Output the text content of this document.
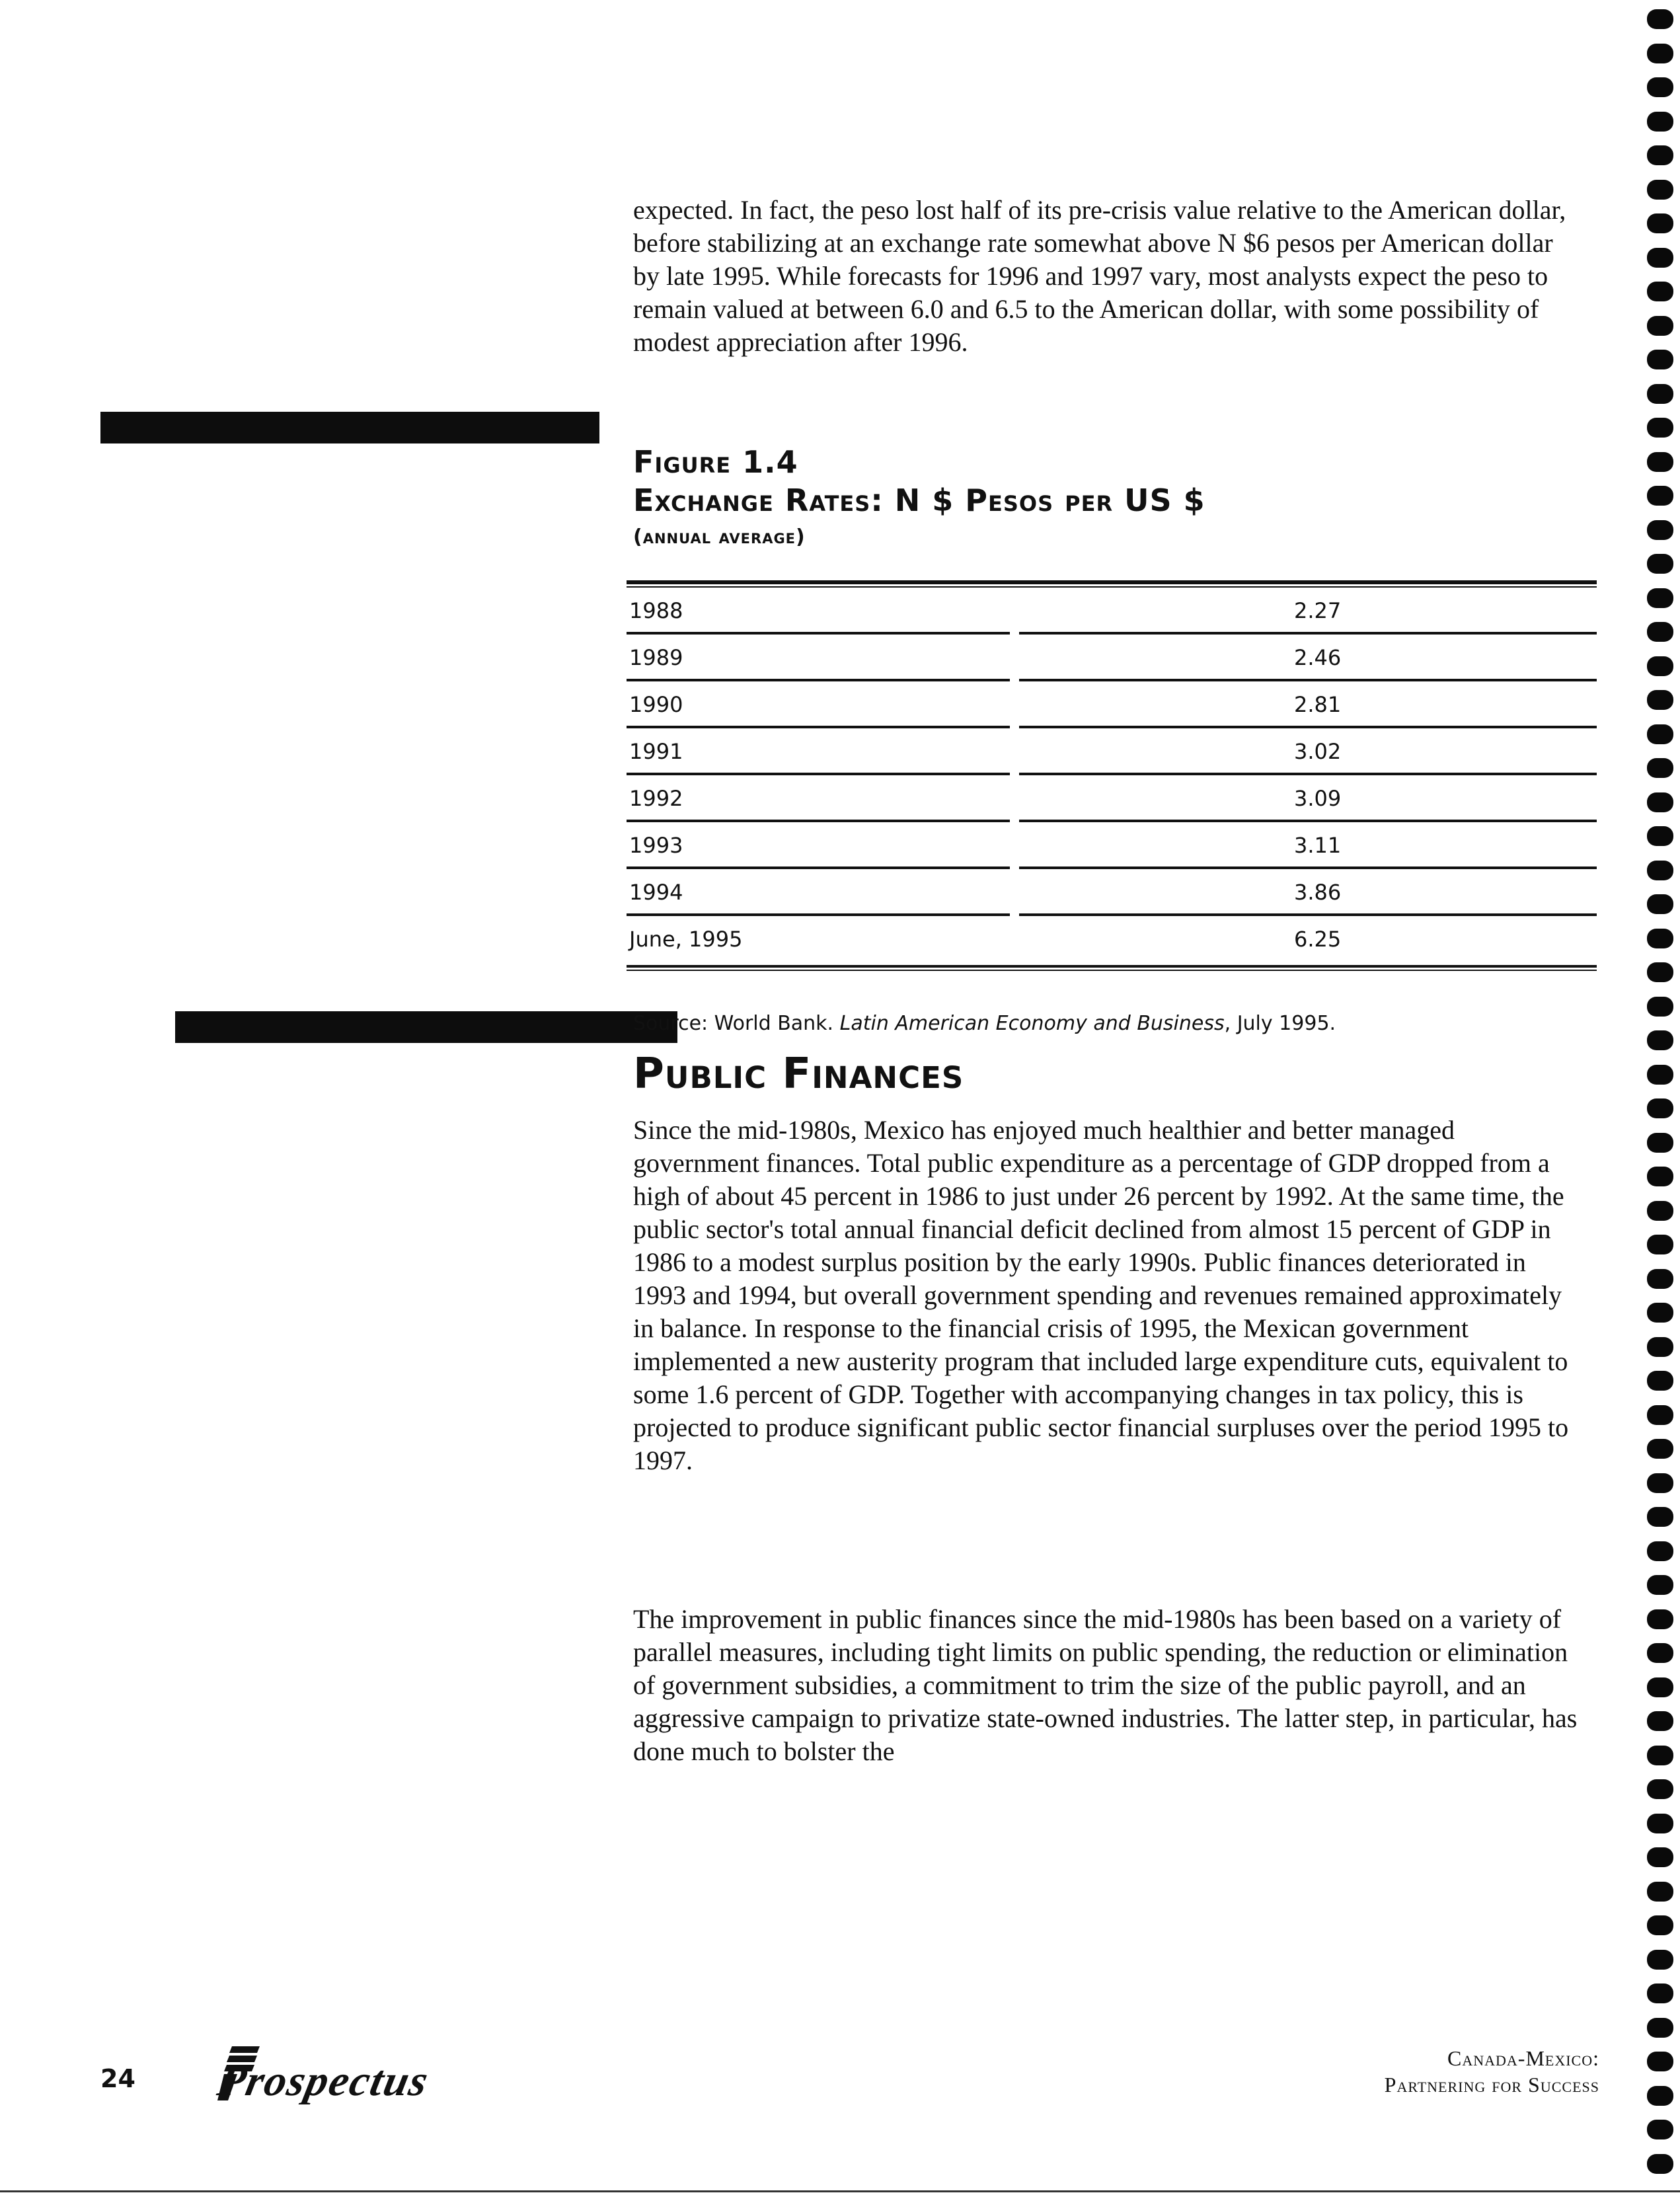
expected. In fact, the peso lost half of its pre-crisis value relative to the American dollar, before stabilizing at an exchange rate somewhat above N $6 pesos per American dollar by late 1995. While forecasts for 1996 and 1997 vary, most analysts expect the peso to remain valued at between 6.0 and 6.5 to the American dollar, with some possibility of modest appreciation after 1996.

Figure 1.4
Exchange Rates: N $ Pesos per US $
(annual average)
1988	2.27
1989	2.46
1990	2.81
1991	3.02
1992	3.09
1993	3.11
1994	3.86
June, 1995	6.25
Source: World Bank. Latin American Economy and Business, July 1995.
Public Finances

Since the mid-1980s, Mexico has enjoyed much healthier and better managed government finances. Total public expenditure as a percentage of GDP dropped from a high of about 45 percent in 1986 to just under 26 percent by 1992. At the same time, the public sector's total annual financial deficit declined from almost 15 percent of GDP in 1986 to a modest surplus position by the early 1990s. Public finances deteriorated in 1993 and 1994, but overall government spending and revenues remained approximately in balance. In response to the financial crisis of 1995, the Mexican government implemented a new austerity program that included large expenditure cuts, equivalent to some 1.6 percent of GDP. Together with accompanying changes in tax policy, this is projected to produce significant public sector financial surpluses over the period 1995 to 1997.

The improvement in public finances since the mid-1980s has been based on a variety of parallel measures, including tight limits on public spending, the reduction or elimination of government subsidies, a commitment to trim the size of the public payroll, and an aggressive campaign to privatize state-owned industries. The latter step, in particular, has done much to bolster the

24 Prospectus	Canada-Mexico:
Partnering for Success
